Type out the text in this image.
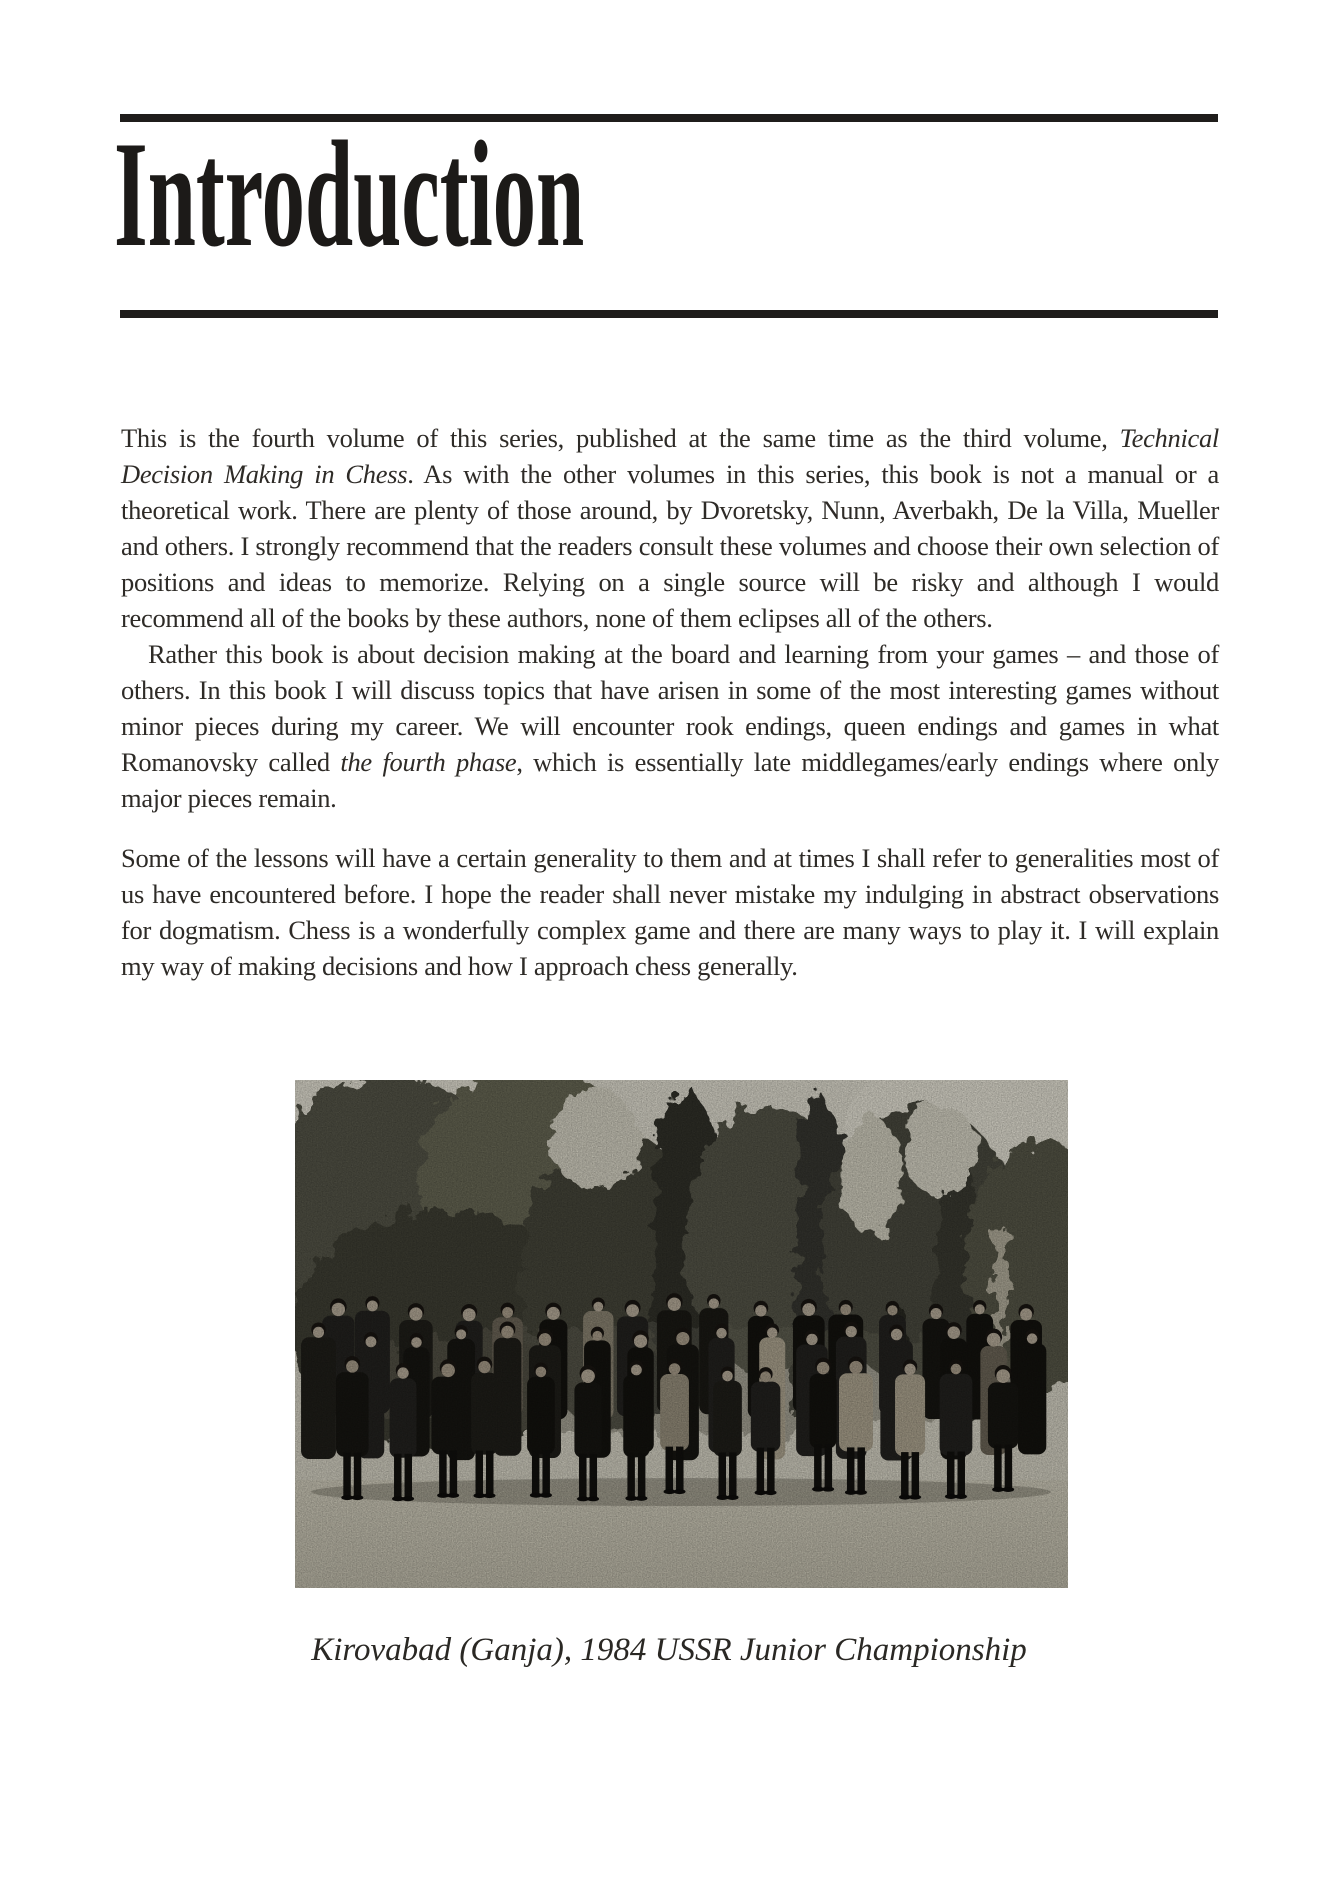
Introduction

This is the fourth volume of this series, published at the same time as the third volume, Technical Decision Making in Chess. As with the other volumes in this series, this book is not a manual or a theoretical work. There are plenty of those around, by Dvoretsky, Nunn, Averbakh, De la Villa, Mueller and others. I strongly recommend that the readers consult these volumes and choose their own selection of positions and ideas to memorize. Relying on a single source will be risky and although I would recommend all of the books by these authors, none of them eclipses all of the others.

Rather this book is about decision making at the board and learning from your games – and those of others. In this book I will discuss topics that have arisen in some of the most interesting games without minor pieces during my career. We will encounter rook endings, queen endings and games in what Romanovsky called the fourth phase, which is essentially late middlegames/early endings where only major pieces remain.

Some of the lessons will have a certain generality to them and at times I shall refer to generalities most of us have encountered before. I hope the reader shall never mistake my indulging in abstract observations for dogmatism. Chess is a wonderfully complex game and there are many ways to play it. I will explain my way of making decisions and how I approach chess generally.

Kirovabad (Ganja), 1984 USSR Junior Championship
